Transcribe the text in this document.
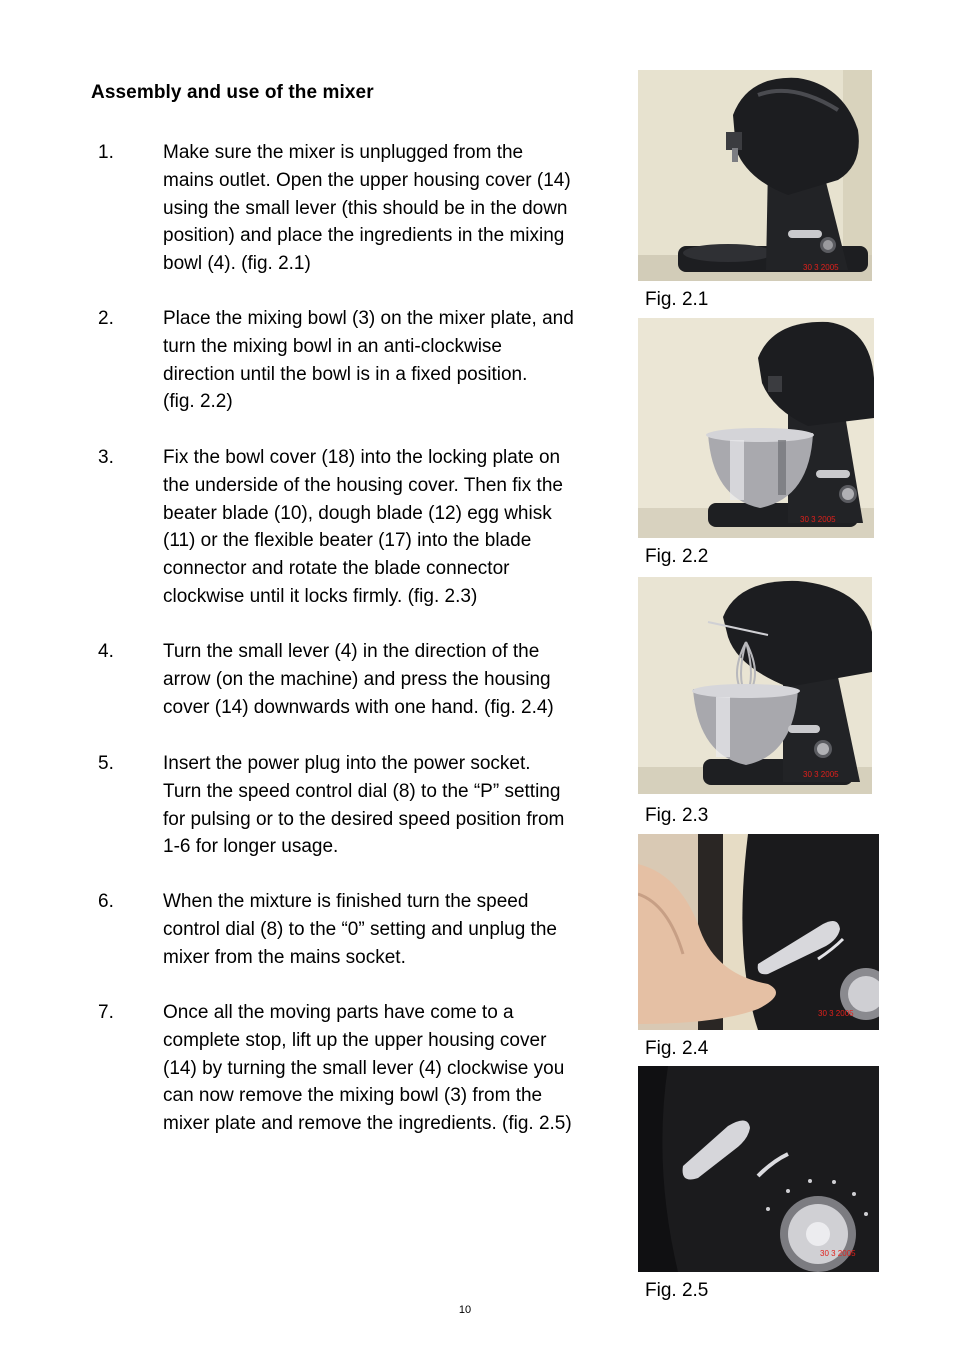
Assembly and use of the mixer
1.	Make sure the mixer is unplugged from the
mains outlet. Open the upper housing cover (14)
using the small lever (this should be in the down
position) and place the ingredients in the mixing
bowl (4). (fig. 2.1)
2.	Place the mixing bowl (3) on the mixer plate, and
turn the mixing bowl in an anti-clockwise
direction until the bowl is in a fixed position.
(fig. 2.2)
3.	Fix the bowl cover (18) into the locking plate on
the underside of the housing cover. Then fix the
beater blade (10), dough blade (12) egg whisk
(11) or the flexible beater (17) into the blade
connector and rotate the blade connector
clockwise until it locks firmly. (fig. 2.3)
4.	Turn the small lever (4) in the direction of the
arrow (on the machine) and press the housing
cover (14) downwards with one hand. (fig. 2.4)
5.	Insert the power plug into the power socket.
Turn the speed control dial (8) to the “P” setting
for pulsing or to the desired speed position from
1-6 for longer usage.
6.	When the mixture is finished turn the speed
control dial (8) to the “0” setting and unplug the
mixer from the mains socket.
7.	Once all the moving parts have come to a
complete stop, lift up the upper housing cover
(14) by turning the small lever (4) clockwise you
can now remove the mixing bowl (3) from the
mixer plate and remove the ingredients. (fig. 2.5)
30 3 2005
Fig. 2.1
30 3 2005
Fig. 2.2
30 3 2005
Fig. 2.3
30 3 2005
Fig. 2.4
30 3 2005
Fig. 2.5
10
